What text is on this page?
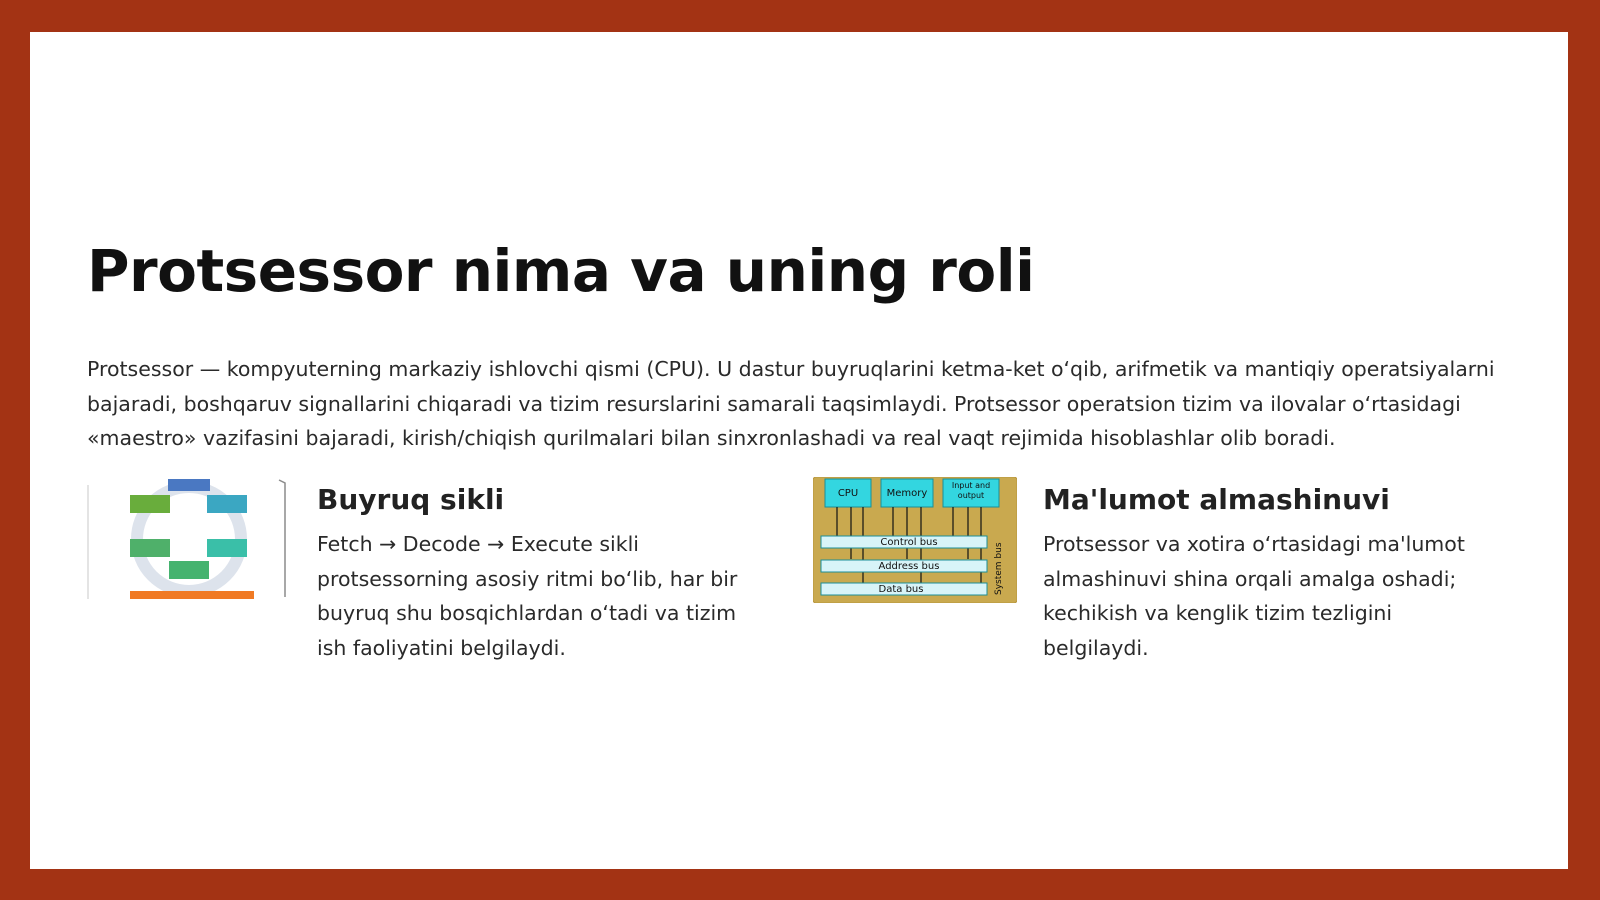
Protsessor nima va uning roli

Protsessor — kompyuterning markaziy ishlovchi qismi (CPU). U dastur buyruqlarini ketma-ket o‘qib, arifmetik va mantiqiy operatsiyalarni bajaradi, boshqaruv signallarini chiqaradi va tizim resurslarini samarali taqsimlaydi. Protsessor operatsion tizim va ilovalar o‘rtasidagi «maestro» vazifasini bajaradi, kirish/chiqish qurilmalari bilan sinxronlashadi va real vaqt rejimida hisoblashlar olib boradi.

Buyruq sikli

Fetch → Decode → Execute sikli protsessorning asosiy ritmi bo‘lib, har bir buyruq shu bosqichlardan o‘tadi va tizim ish faoliyatini belgilaydi.

CPU	Memory
Input and
output
Control bus
Address bus
Data bus	System bus
Ma'lumot almashinuvi

Protsessor va xotira o‘rtasidagi ma'lumot almashinuvi shina orqali amalga oshadi; kechikish va kenglik tizim tezligini belgilaydi.
